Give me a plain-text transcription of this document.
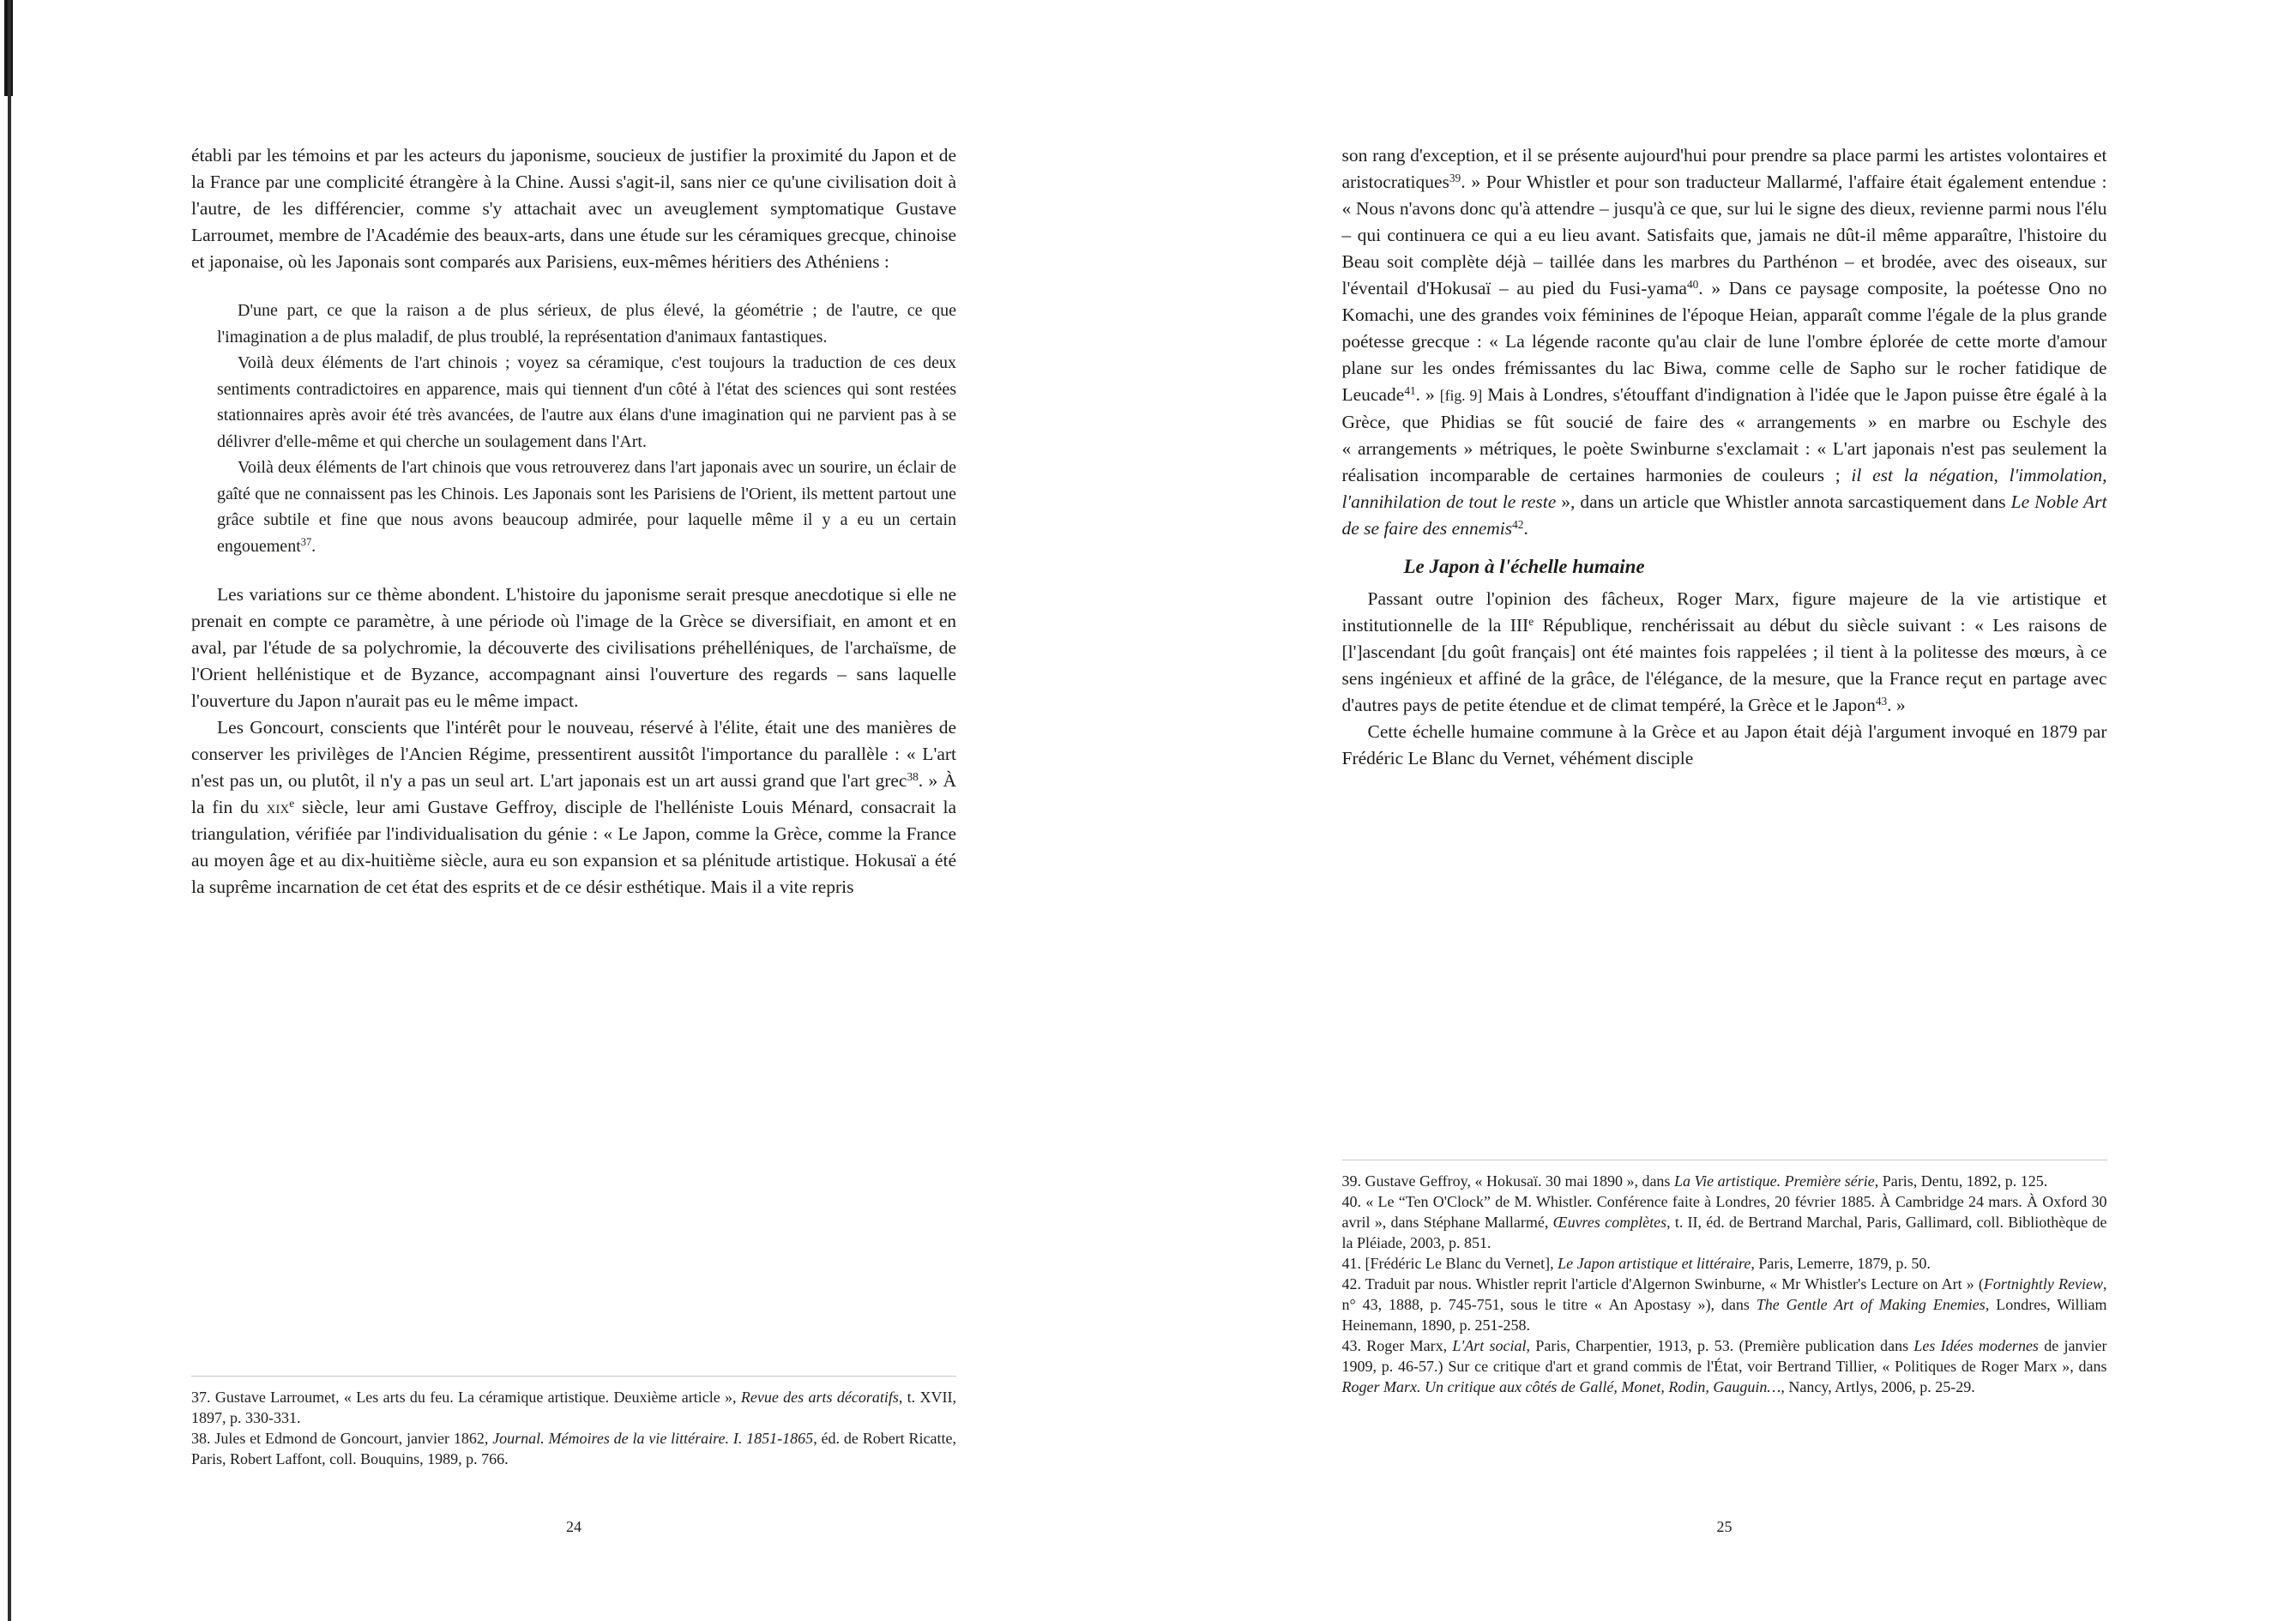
établi par les témoins et par les acteurs du japonisme, soucieux de justifier la proximité du Japon et de la France par une complicité étrangère à la Chine. Aussi s'agit-il, sans nier ce qu'une civilisation doit à l'autre, de les différencier, comme s'y attachait avec un aveuglement symptomatique Gustave Larroumet, membre de l'Académie des beaux-arts, dans une étude sur les céramiques grecque, chinoise et japonaise, où les Japonais sont comparés aux Parisiens, eux-mêmes héritiers des Athéniens :

D'une part, ce que la raison a de plus sérieux, de plus élevé, la géométrie ; de l'autre, ce que l'imagination a de plus maladif, de plus troublé, la représentation d'animaux fantastiques.

Voilà deux éléments de l'art chinois ; voyez sa céramique, c'est toujours la traduction de ces deux sentiments contradictoires en apparence, mais qui tiennent d'un côté à l'état des sciences qui sont restées stationnaires après avoir été très avancées, de l'autre aux élans d'une imagination qui ne parvient pas à se délivrer d'elle-même et qui cherche un soulagement dans l'Art.

Voilà deux éléments de l'art chinois que vous retrouverez dans l'art japonais avec un sourire, un éclair de gaîté que ne connaissent pas les Chinois. Les Japonais sont les Parisiens de l'Orient, ils mettent partout une grâce subtile et fine que nous avons beaucoup admirée, pour laquelle même il y a eu un certain engouement$^{37}$.

Les variations sur ce thème abondent. L'histoire du japonisme serait presque anecdotique si elle ne prenait en compte ce paramètre, à une période où l'image de la Grèce se diversifiait, en amont et en aval, par l'étude de sa polychromie, la découverte des civilisations préhelléniques, de l'archaïsme, de l'Orient hellénistique et de Byzance, accompagnant ainsi l'ouverture des regards – sans laquelle l'ouverture du Japon n'aurait pas eu le même impact.

Les Goncourt, conscients que l'intérêt pour le nouveau, réservé à l'élite, était une des manières de conserver les privilèges de l'Ancien Régime, pressentirent aussitôt l'importance du parallèle : « L'art n'est pas un, ou plutôt, il n'y a pas un seul art. L'art japonais est un art aussi grand que l'art grec$^{38}$. » À la fin du xix$^e$ siècle, leur ami Gustave Geffroy, disciple de l'helléniste Louis Ménard, consacrait la triangulation, vérifiée par l'individualisation du génie : « Le Japon, comme la Grèce, comme la France au moyen âge et au dix-huitième siècle, aura eu son expansion et sa plénitude artistique. Hokusaï a été la suprême incarnation de cet état des esprits et de ce désir esthétique. Mais il a vite repris

37. Gustave Larroumet, « Les arts du feu. La céramique artistique. Deuxième article », Revue des arts décoratifs, t. XVII, 1897, p. 330-331.

38. Jules et Edmond de Goncourt, janvier 1862, Journal. Mémoires de la vie littéraire. I. 1851-1865, éd. de Robert Ricatte, Paris, Robert Laffont, coll. Bouquins, 1989, p. 766.

24

son rang d'exception, et il se présente aujourd'hui pour prendre sa place parmi les artistes volontaires et aristocratiques$^{39}$. » Pour Whistler et pour son traducteur Mallarmé, l'affaire était également entendue : « Nous n'avons donc qu'à attendre – jusqu'à ce que, sur lui le signe des dieux, revienne parmi nous l'élu – qui continuera ce qui a eu lieu avant. Satisfaits que, jamais ne dût-il même apparaître, l'histoire du Beau soit complète déjà – taillée dans les marbres du Parthénon – et brodée, avec des oiseaux, sur l'éventail d'Hokusaï – au pied du Fusi-yama$^{40}$. » Dans ce paysage composite, la poétesse Ono no Komachi, une des grandes voix féminines de l'époque Heian, apparaît comme l'égale de la plus grande poétesse grecque : « La légende raconte qu'au clair de lune l'ombre éplorée de cette morte d'amour plane sur les ondes frémissantes du lac Biwa, comme celle de Sapho sur le rocher fatidique de Leucade$^{41}$. » [fig. 9] Mais à Londres, s'étouffant d'indignation à l'idée que le Japon puisse être égalé à la Grèce, que Phidias se fût soucié de faire des « arrangements » en marbre ou Eschyle des « arrangements » métriques, le poète Swinburne s'exclamait : « L'art japonais n'est pas seulement la réalisation incomparable de certaines harmonies de couleurs ; il est la négation, l'immolation, l'annihilation de tout le reste », dans un article que Whistler annota sarcastiquement dans Le Noble Art de se faire des ennemis$^{42}$.

Le Japon à l'échelle humaine

Passant outre l'opinion des fâcheux, Roger Marx, figure majeure de la vie artistique et institutionnelle de la IIIe République, renchérissait au début du siècle suivant : « Les raisons de [l']ascendant [du goût français] ont été maintes fois rappelées ; il tient à la politesse des mœurs, à ce sens ingénieux et affiné de la grâce, de l'élégance, de la mesure, que la France reçut en partage avec d'autres pays de petite étendue et de climat tempéré, la Grèce et le Japon$^{43}$. »

Cette échelle humaine commune à la Grèce et au Japon était déjà l'argument invoqué en 1879 par Frédéric Le Blanc du Vernet, véhément disciple

39. Gustave Geffroy, « Hokusaï. 30 mai 1890 », dans La Vie artistique. Première série, Paris, Dentu, 1892, p. 125.

40. « Le “Ten O'Clock” de M. Whistler. Conférence faite à Londres, 20 février 1885. À Cambridge 24 mars. À Oxford 30 avril », dans Stéphane Mallarmé, Œuvres complètes, t. II, éd. de Bertrand Marchal, Paris, Gallimard, coll. Bibliothèque de la Pléiade, 2003, p. 851.

41. [Frédéric Le Blanc du Vernet], Le Japon artistique et littéraire, Paris, Lemerre, 1879, p. 50.

42. Traduit par nous. Whistler reprit l'article d'Algernon Swinburne, « Mr Whistler's Lecture on Art » (Fortnightly Review, n° 43, 1888, p. 745-751, sous le titre « An Apostasy »), dans The Gentle Art of Making Enemies, Londres, William Heinemann, 1890, p. 251-258.

43. Roger Marx, L'Art social, Paris, Charpentier, 1913, p. 53. (Première publication dans Les Idées modernes de janvier 1909, p. 46-57.) Sur ce critique d'art et grand commis de l'État, voir Bertrand Tillier, « Politiques de Roger Marx », dans Roger Marx. Un critique aux côtés de Gallé, Monet, Rodin, Gauguin…, Nancy, Artlys, 2006, p. 25-29.

25
